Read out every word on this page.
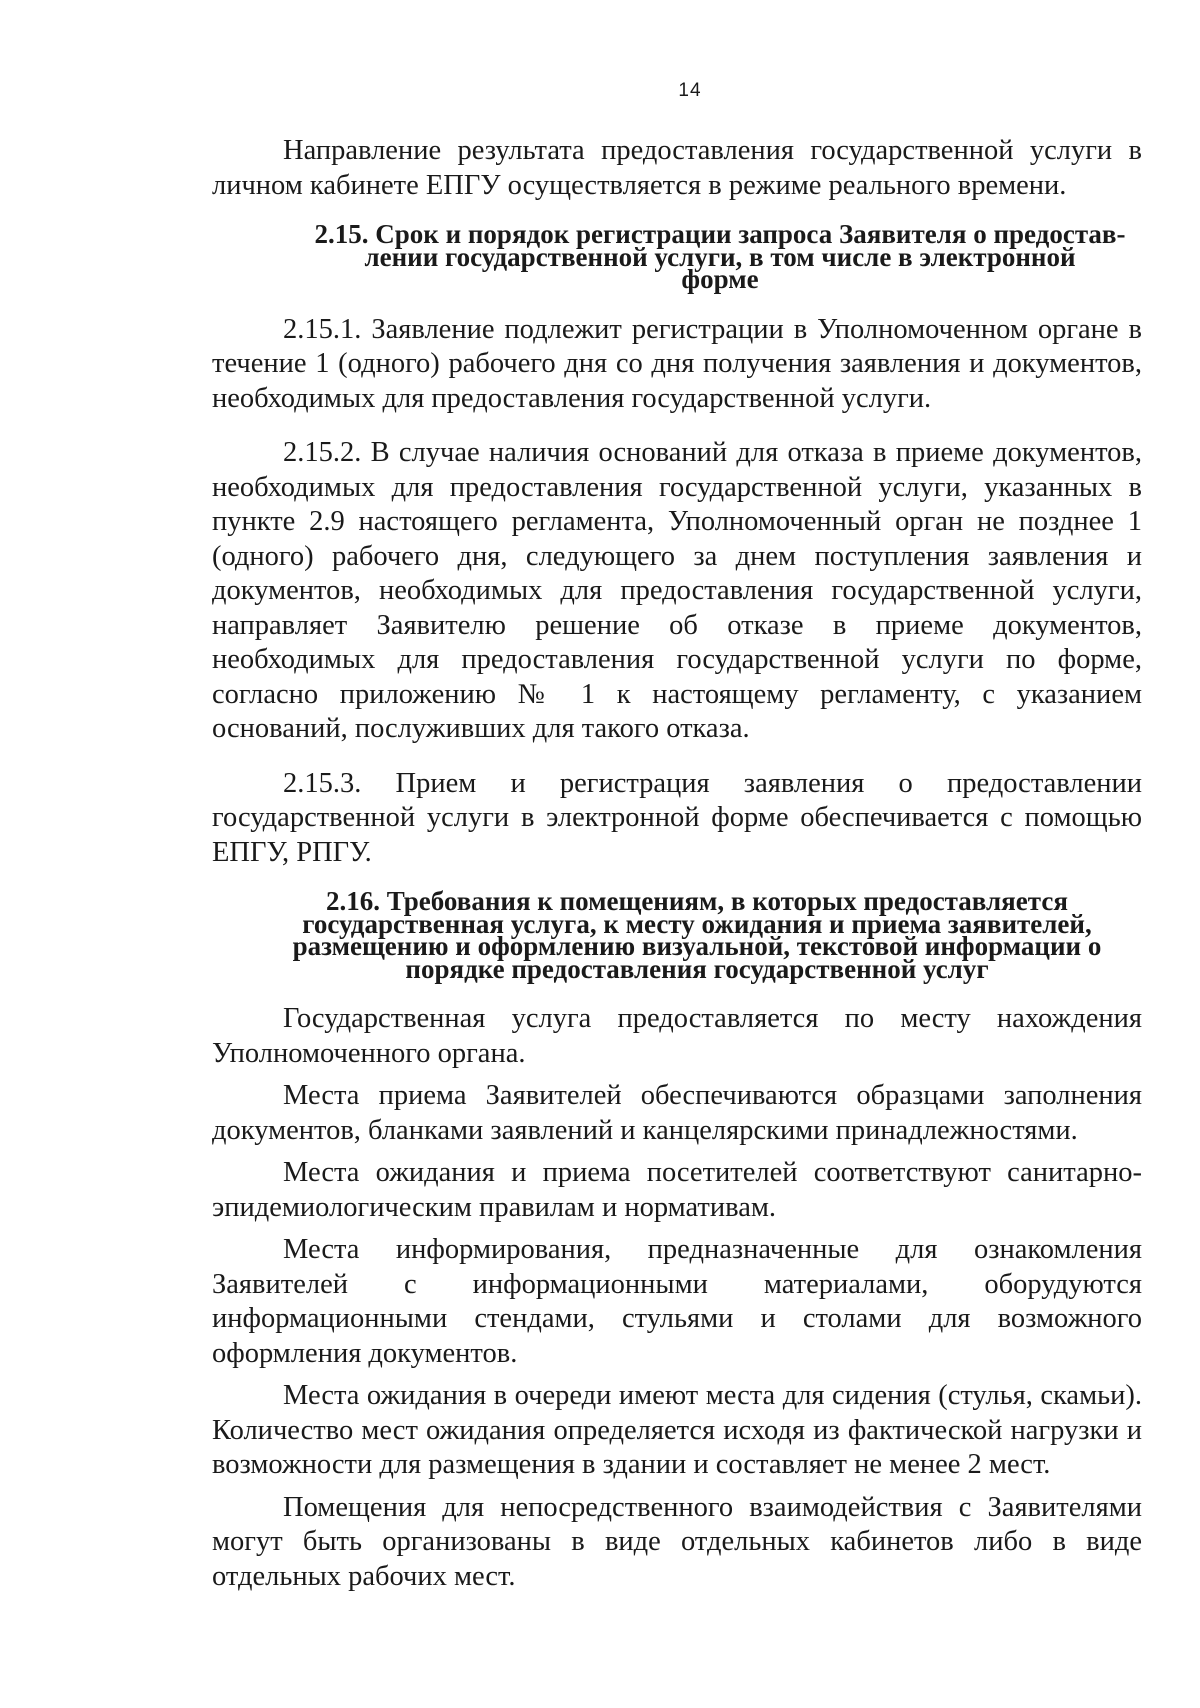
14

Направление результата предоставления государственной услуги в личном кабинете ЕПГУ осуществляется в режиме реального времени.

2.15. Срок и порядок регистрации запроса Заявителя о предостав-
лении государственной услуги, в том числе в электронной
форме

2.15.1. Заявление подлежит регистрации в Уполномоченном органе в течение 1 (одного) рабочего дня со дня получения заявления и документов, необходимых для предоставления государственной услуги.

2.15.2. В случае наличия оснований для отказа в приеме документов, необходимых для предоставления государственной услуги, указанных в пункте 2.9 настоящего регламента, Уполномоченный орган не позднее 1 (одного) рабочего дня, следующего за днем поступления заявления и документов, необходимых для предоставления государственной услуги, направляет Заявителю решение об отказе в приеме документов, необходимых для предоставления государственной услуги по форме, согласно приложению № 1 к настоящему регламенту, с указанием оснований, послуживших для такого отказа.

2.15.3. Прием и регистрация заявления о предоставлении государственной услуги в электронной форме обеспечивается с помощью ЕПГУ, РПГУ.

2.16. Требования к помещениям, в которых предоставляется
государственная услуга, к месту ожидания и приема заявителей,
размещению и оформлению визуальной, текстовой информации о
порядке предоставления государственной услуг

Государственная услуга предоставляется по месту нахождения Уполномоченного органа.

Места приема Заявителей обеспечиваются образцами заполнения документов, бланками заявлений и канцелярскими принадлежностями.

Места ожидания и приема посетителей соответствуют санитарно-эпидемиологическим правилам и нормативам.

Места информирования, предназначенные для ознакомления Заявителей с информационными материалами, оборудуются информационными стендами, стульями и столами для возможного оформления документов.

Места ожидания в очереди имеют места для сидения (стулья, скамьи). Количество мест ожидания определяется исходя из фактической нагрузки и возможности для размещения в здании и составляет не менее 2 мест.

Помещения для непосредственного взаимодействия с Заявителями могут быть организованы в виде отдельных кабинетов либо в виде отдельных рабочих мест.
